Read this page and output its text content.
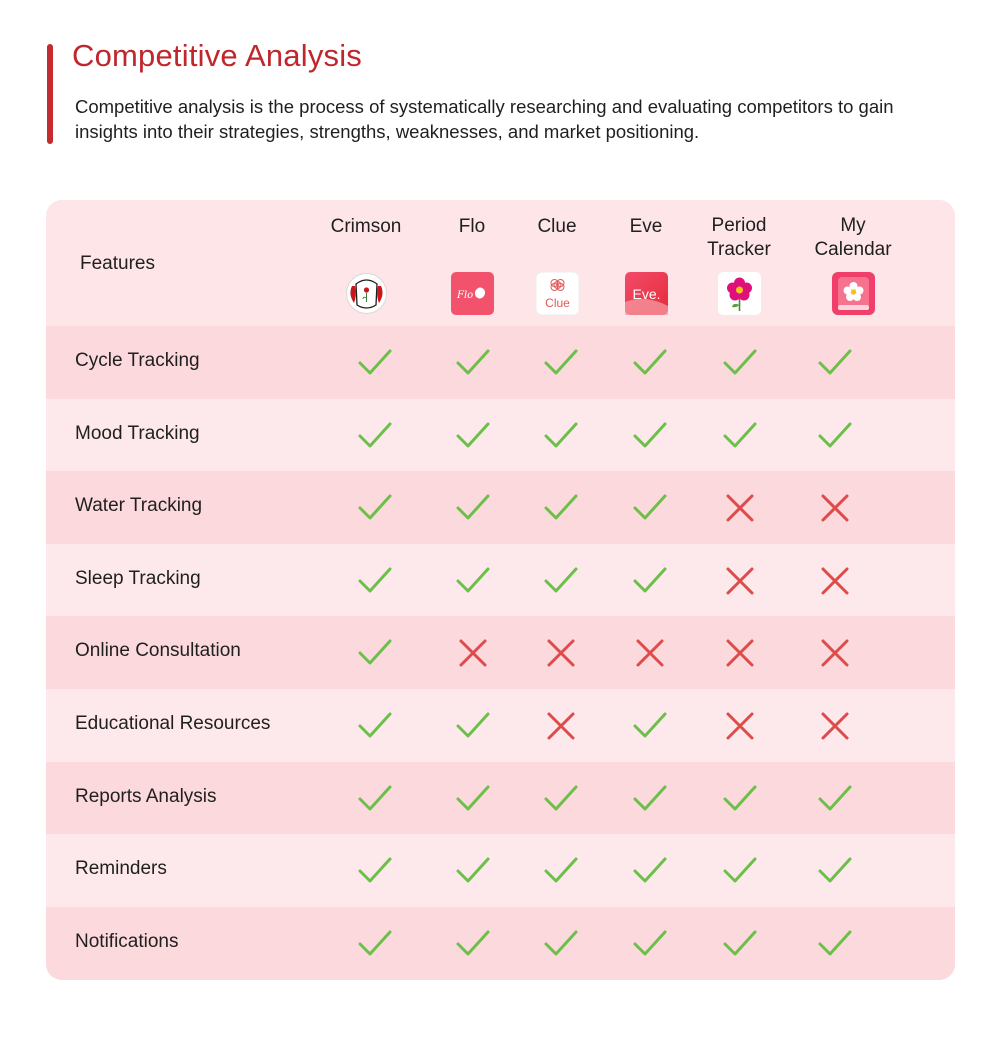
Competitive Analysis

Competitive analysis is the process of systematically researching and evaluating competitors to gain insights into their strategies, strengths, weaknesses, and market positioning.

Features
Crimson	Flo
Flo
Clue
Clue
Eve
Eve.
Period
Tracker
My
Calendar
Cycle Tracking
Mood Tracking
Water Tracking
Sleep Tracking
Online Consultation
Educational Resources
Reports Analysis
Reminders
Notifications
